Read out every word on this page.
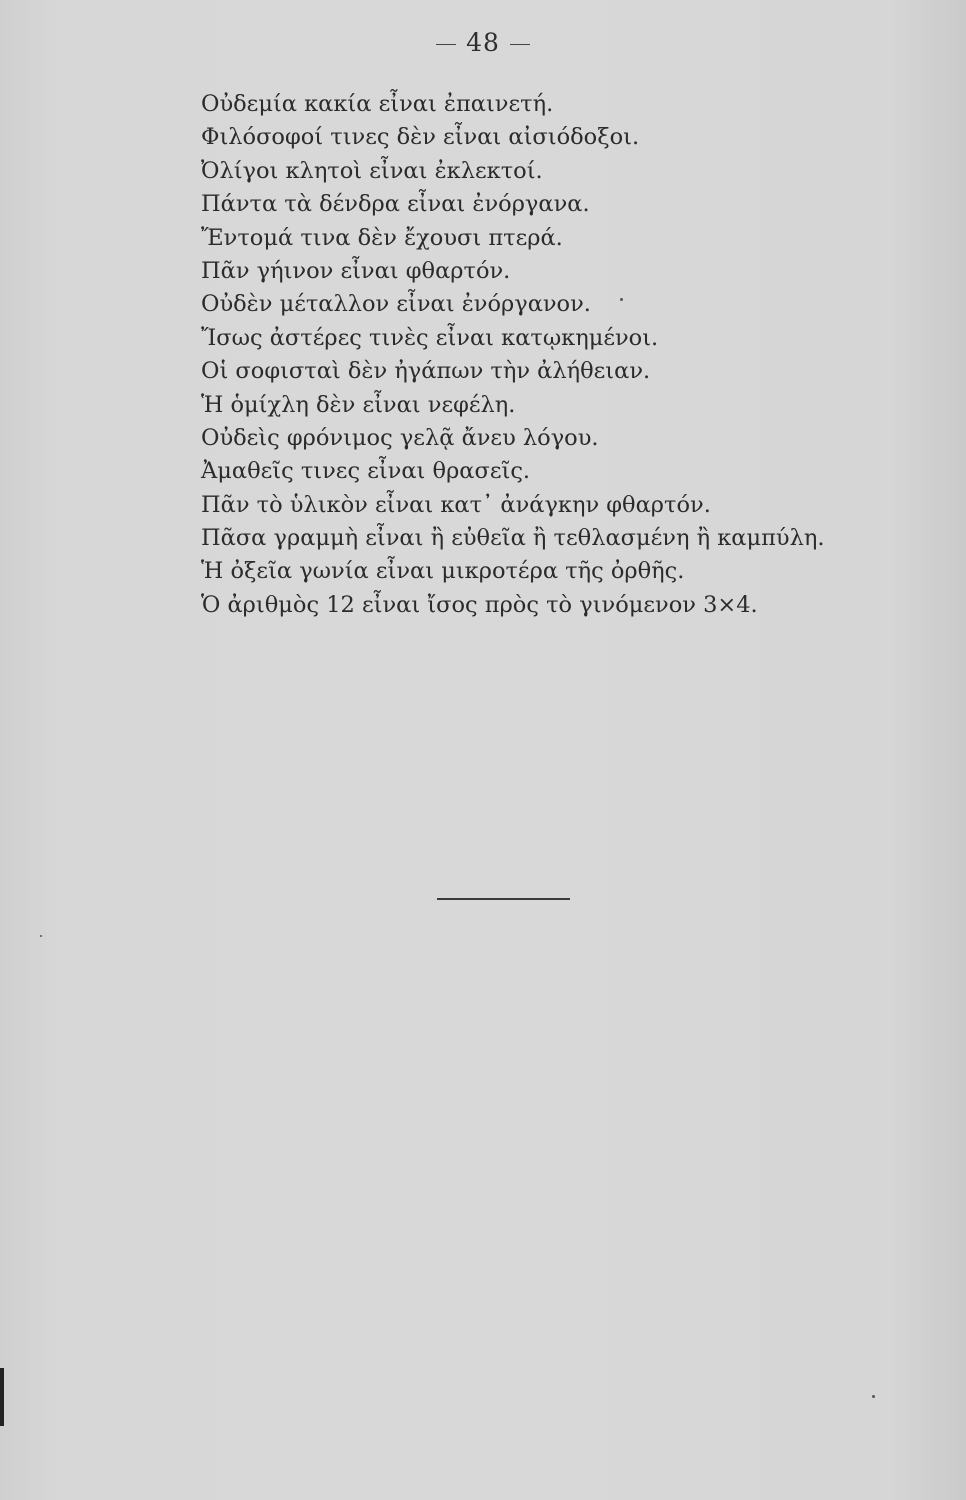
48
Οὐδεμία κακία εἶναι ἐπαινετή.
Φιλόσοφοί τινες δὲν εἶναι αἰσιόδοξοι.
Ὀλίγοι κλητοὶ εἶναι ἐκλεκτοί.
Πάντα τὰ δένδρα εἶναι ἐνόργανα.
Ἔντομά τινα δὲν ἔχουσι πτερά.
Πᾶν γήινον εἶναι φθαρτόν.
Οὐδὲν μέταλλον εἶναι ἐνόργανον.
Ἴσως ἀστέρες τινὲς εἶναι κατῳκημένοι.
Οἱ σοφισταὶ δὲν ἠγάπων τὴν ἀλήθειαν.
Ἡ ὁμίχλη δὲν εἶναι νεφέλη.
Οὐδεὶς φρόνιμος γελᾷ ἄνευ λόγου.
Ἀμαθεῖς τινες εἶναι θρασεῖς.
Πᾶν τὸ ὑλικὸν εἶναι κατ᾿ ἀνάγκην φθαρτόν.
Πᾶσα γραμμὴ εἶναι ἢ εὐθεῖα ἢ τεθλασμένη ἢ καμπύλη.
Ἡ ὀξεῖα γωνία εἶναι μικροτέρα τῆς ὀρθῆς.
Ὁ ἀριθμὸς 12 εἶναι ἴσος πρὸς τὸ γινόμενον 3×4.
